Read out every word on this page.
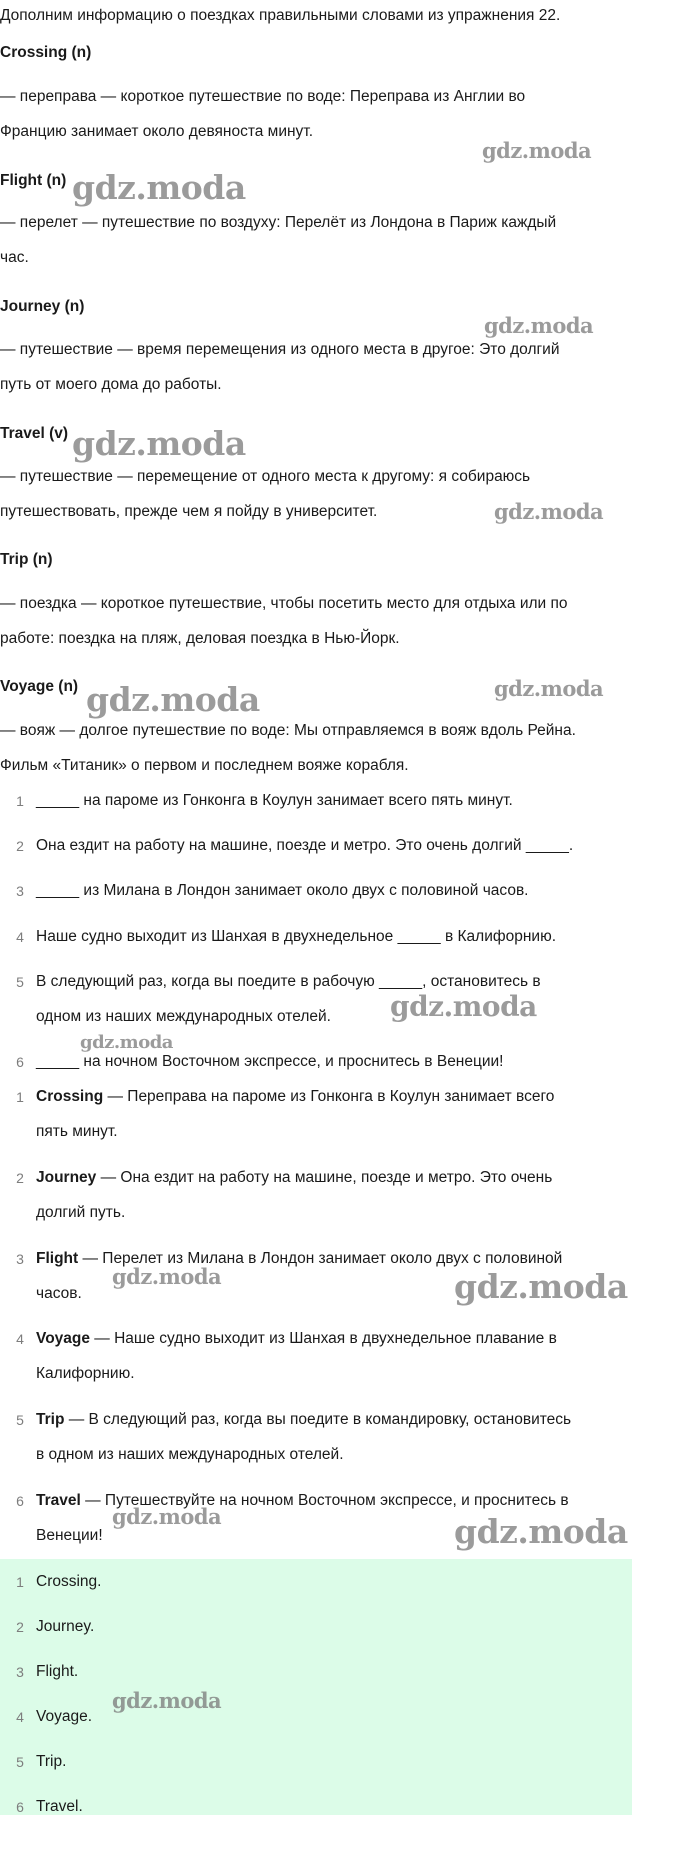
Дополним информацию о поездках правильными словами из упражнения 22.
Crossing (n)
— переправа — короткое путешествие по воде: Переправа из Англии во
Францию занимает около девяноста минут.
Flight (n)
— перелет — путешествие по воздуху: Перелёт из Лондона в Париж каждый
час.
Journey (n)
— путешествие — время перемещения из одного места в другое: Это долгий
путь от моего дома до работы.
Travel (v)
— путешествие — перемещение от одного места к другому: я собираюсь
путешествовать, прежде чем я пойду в университет.
Trip (n)
— поездка — короткое путешествие, чтобы посетить место для отдыха или по
работе: поездка на пляж, деловая поездка в Нью-Йорк.
Voyage (n)
— вояж — долгое путешествие по воде: Мы отправляемся в вояж вдоль Рейна.
Фильм «Титаник» о первом и последнем вояже корабля.
1 _____ на пароме из Гонконга в Коулун занимает всего пять минут.
2 Она ездит на работу на машине, поезде и метро. Это очень долгий _____.
3 _____ из Милана в Лондон занимает около двух с половиной часов.
4 Наше судно выходит из Шанхая в двухнедельное _____ в Калифорнию.
5 В следующий раз, когда вы поедите в рабочую _____, остановитесь в
одном из наших международных отелей.
6 _____ на ночном Восточном экспрессе, и проснитесь в Венеции!
1 Crossing — Переправа на пароме из Гонконга в Коулун занимает всего
пять минут.
2 Journey — Она ездит на работу на машине, поезде и метро. Это очень
долгий путь.
3 Flight — Перелет из Милана в Лондон занимает около двух с половиной
часов.
4 Voyage — Наше судно выходит из Шанхая в двухнедельное плавание в
Калифорнию.
5 Trip — В следующий раз, когда вы поедите в командировку, остановитесь
в одном из наших международных отелей.
6 Travel — Путешествуйте на ночном Восточном экспрессе, и проснитесь в
Венеции!
1 Crossing.
2 Journey.
3 Flight.
4 Voyage.
5 Trip.
6 Travel.
gdz.moda
gdz.moda
gdz.moda
gdz.moda
gdz.moda
gdz.moda	gdz.moda
gdz.moda
gdz.moda
gdz.moda	gdz.moda
gdz.moda	gdz.moda
gdz.moda
